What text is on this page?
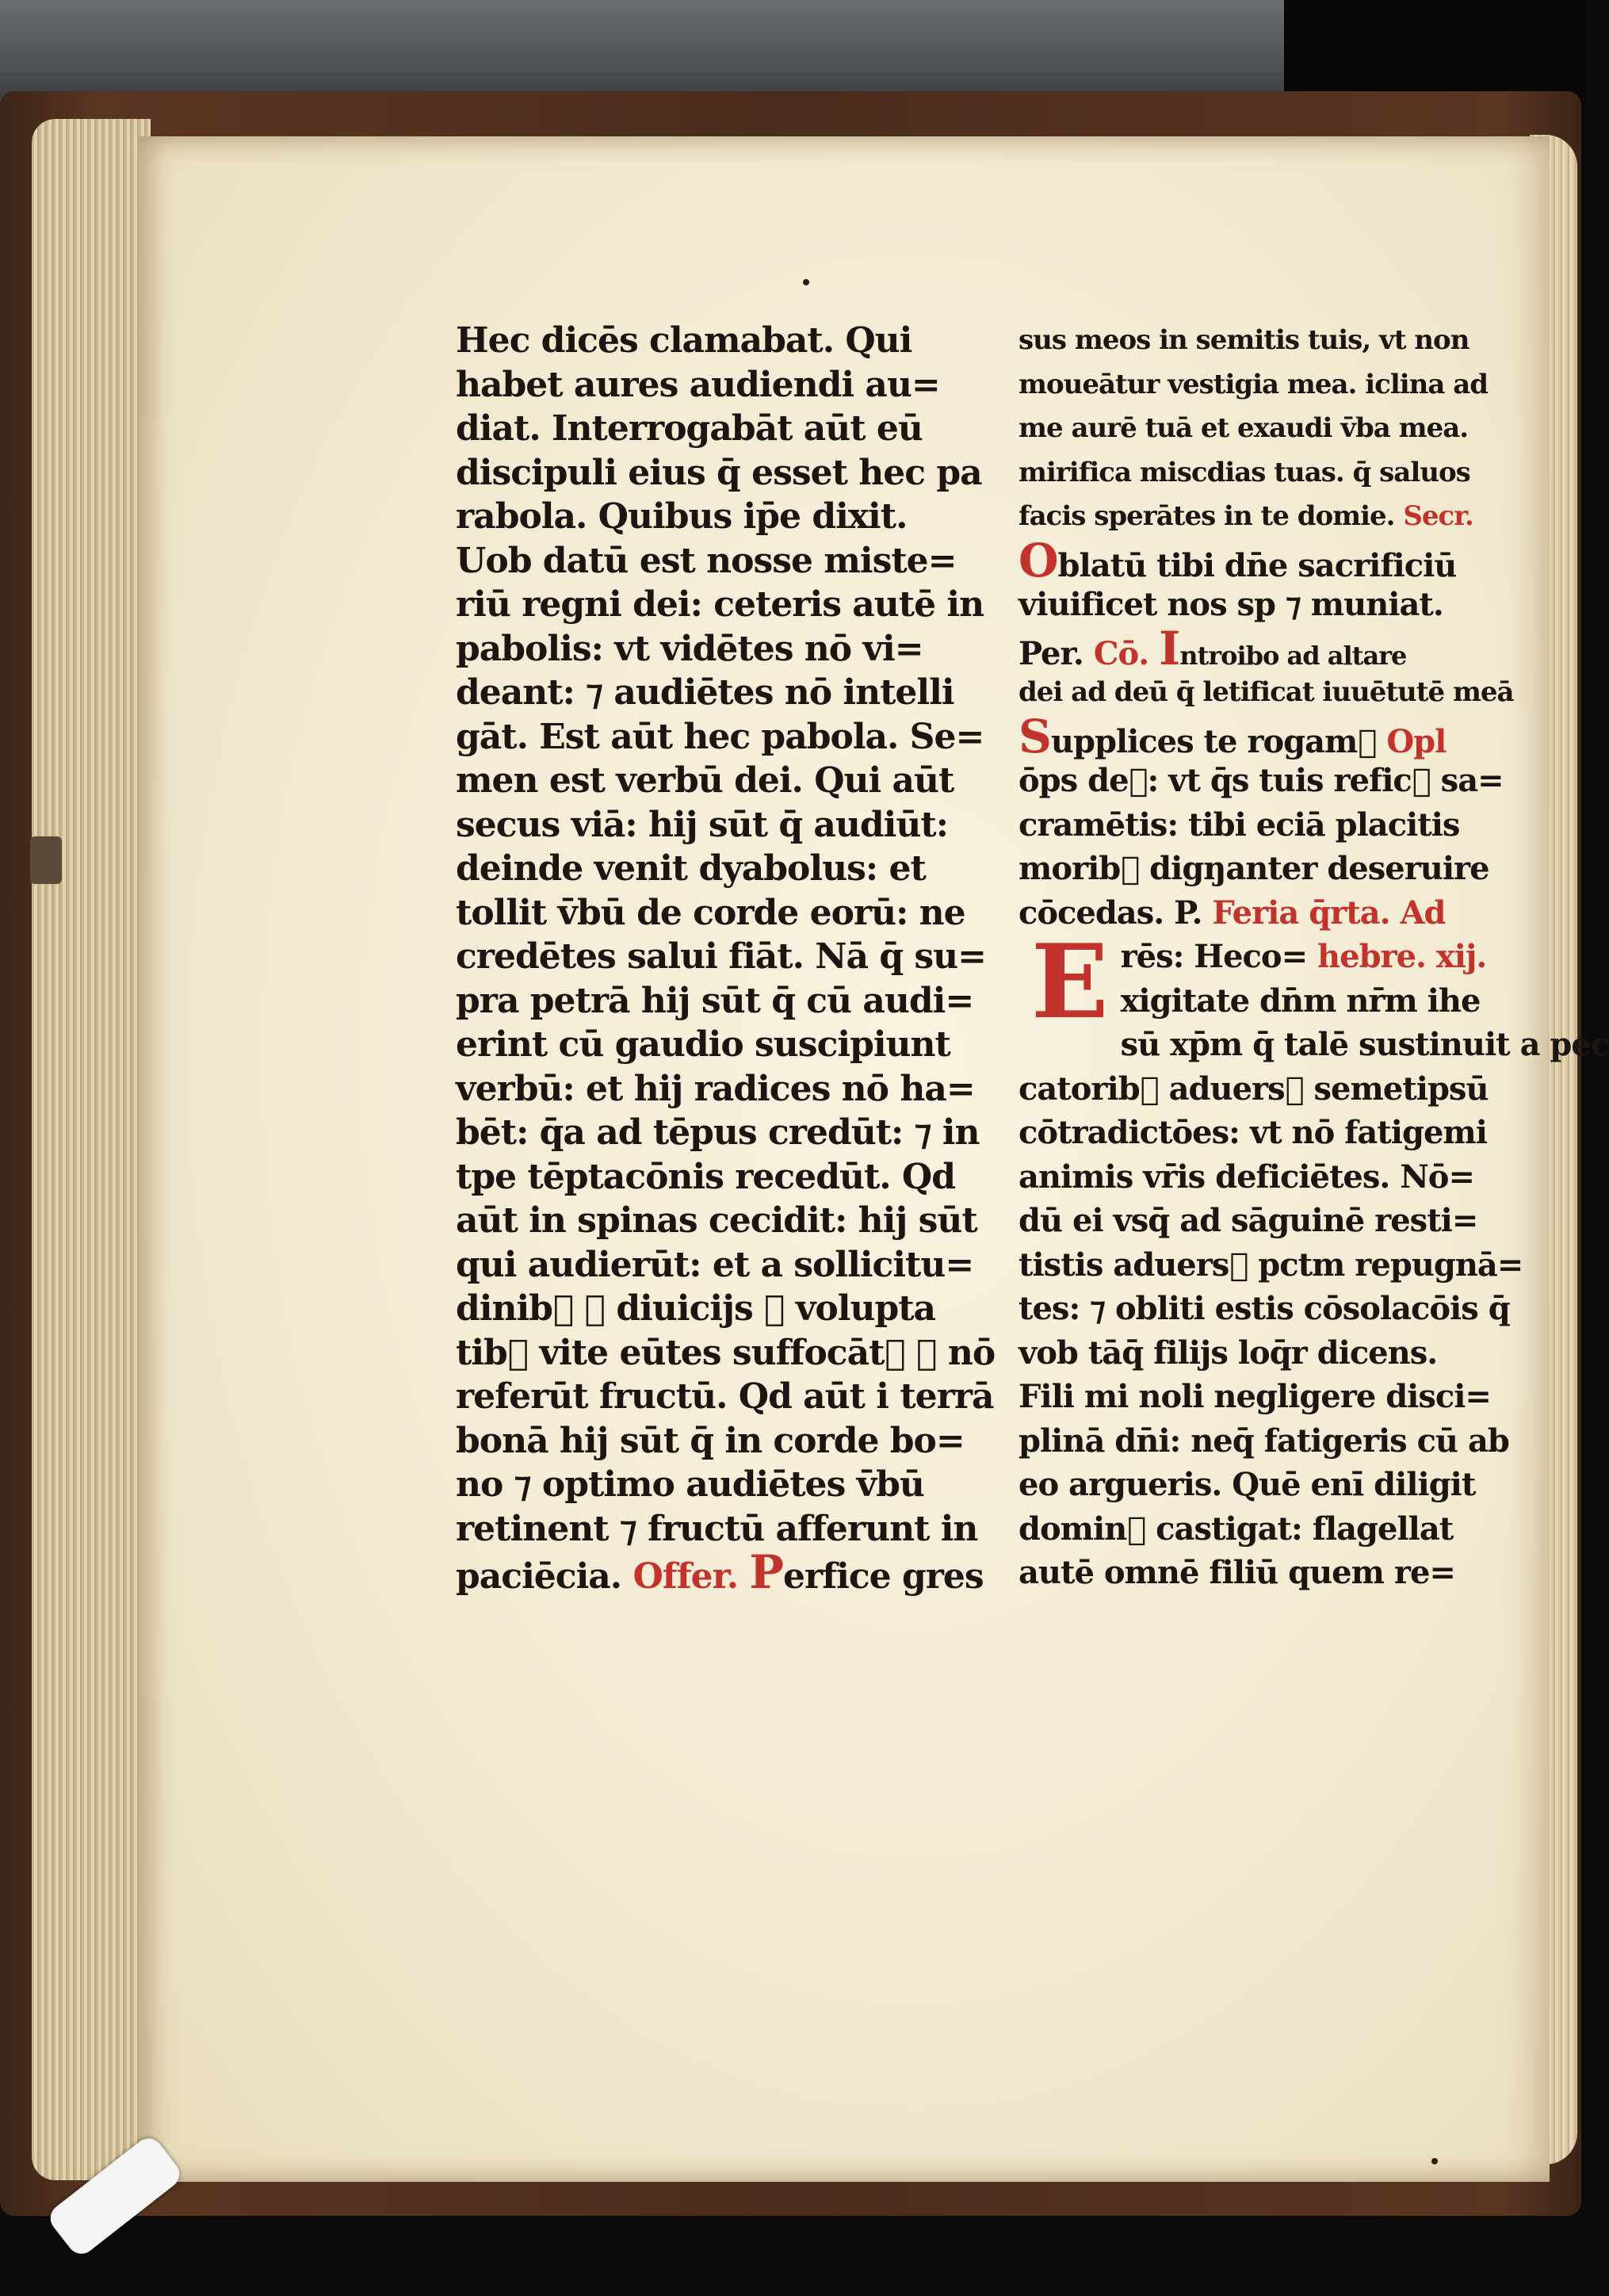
Hec dicēs clamabat. Qui
habet aures audiendi au=
diat. Interrogabāt aūt eū
discipuli eius q̄ esset hec pa
rabola. Quibus ip̄e dixit.
Uob datū est nosse miste=
riū regni dei: ceteris autē in
pabolis: vt vidētes nō vi=
deant: ⁊ audiētes nō intelli
gāt. Est aūt hec pabola. Se=
men est verbū dei. Qui aūt
secus viā: hij sūt q̄ audiūt:
deinde venit dyabolus: et
tollit v̄bū de corde eorū: ne
credētes salui fiāt. Nā q̄ su=
pra petrā hij sūt q̄ cū audi=
erint cū gaudio suscipiunt
verbū: et hij radices nō ha=
bēt: q̄a ad tēpus credūt: ⁊ in
tpe tēptacōnis recedūt. Qd
aūt in spinas cecidit: hij sūt
qui audierūt: et a sollicitu=
dinib᷒ ⁊ diuicijs ⁊ volupta
tib᷒ vite eūtes suffocāt᷑ ⁊ nō
referūt fructū. Qd aūt i terrā
bonā hij sūt q̄ in corde bo=
no ⁊ optimo audiētes v̄bū
retinent ⁊ fructū afferunt in
paciēcia. Offer. Perfice gres
sus meos in semitis tuis, vt non
moueātur vestigia mea. iclina ad
me aurē tuā et exaudi v̄ba mea.
mirifica miscdias tuas. q̄ saluos
facis sperātes in te domie. Secr.
Oblatū tibi dn̄e sacrificiū
viuificet nos sp ⁊ muniat.
Per. Cō. Introibo ad altare
dei ad deū q̄ letificat iuuētutē meā
Supplices te rogam᷒ Opl
ōps de᷒: vt q̄s tuis refic᷑ sa=
cramētis: tibi eciā placitis
morib᷒ digŋanter deseruire
cōcedas. P. Feria q̄rta. Ad
Erēs: Heco= hebre. xij.
xigitate dn̄m nr̄m ihe
sū xp̄m q̄ talē sustinuit a pec
catorib᷒ aduers᷒ semetipsū
cōtradictōes: vt nō fatigemi
animis vr̄is deficiētes. Nō=
dū ei vsq̄ ad sāguinē resti=
tistis aduers᷒ pctm repugnā=
tes: ⁊ obliti estis cōsolacōis q̄
vob tāq̄ filijs loq̄r dicens.
Fili mi noli negligere disci=
plinā dn̄i: neq̄ fatigeris cū ab
eo argueris. Quē enī diligit
domin᷒ castigat: flagellat
autē omnē filiū quem re=
